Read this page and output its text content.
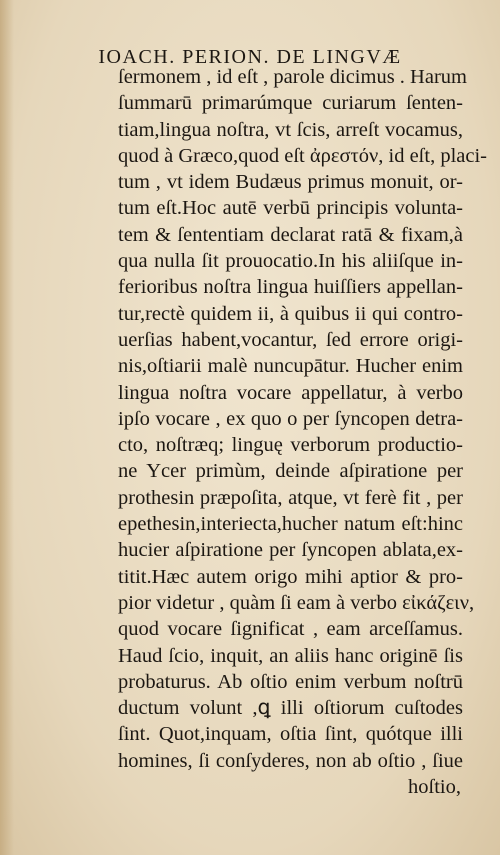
IOACH. PERION. DE LINGVÆ
ſermonem , id eſt , parole dicimus . Harum
ſummarū primarúmque curiarum ſenten-
tiam,lingua noſtra, vt ſcis, arreſt vocamus,
quod à Græco,quod eſt ἀρεστόν, id eſt, placi-
tum , vt idem Budæus primus monuit, or-
tum eſt.Hoc autē verbū principis volunta-
tem & ſententiam declarat ratā & fixam,à
qua nulla ſit prouocatio.In his aliiſque in-
ferioribus noſtra lingua huiſſiers appellan-
tur,rectè quidem ii, à quibus ii qui contro-
uerſias habent,vocantur, ſed errore origi-
nis,oſtiarii malè nuncupātur. Hucher enim
lingua noſtra vocare appellatur, à verbo
ipſo vocare , ex quo o per ſyncopen detra-
cto, noſtræq; linguę verborum productio-
ne Ycer primùm, deinde aſpiratione per
prothesin præpoſita, atque, vt ferè fit , per
epethesin,interiecta,hucher natum eſt:hinc
hucier aſpiratione per ſyncopen ablata,ex-
titit.Hæc autem origo mihi aptior & pro-
pior videtur , quàm ſi eam à verbo εἰκάζειν,
quod vocare ſignificat , eam arceſſamus.
Haud ſcio, inquit, an aliis hanc originē ſis
probaturus. Ab oſtio enim verbum noſtrū
ductum volunt ,ꝗ illi oſtiorum cuſtodes
ſint. Quot,inquam, oſtia ſint, quótque illi
homines, ſi conſyderes, non ab oſtio , ſiue
hoſtio,
